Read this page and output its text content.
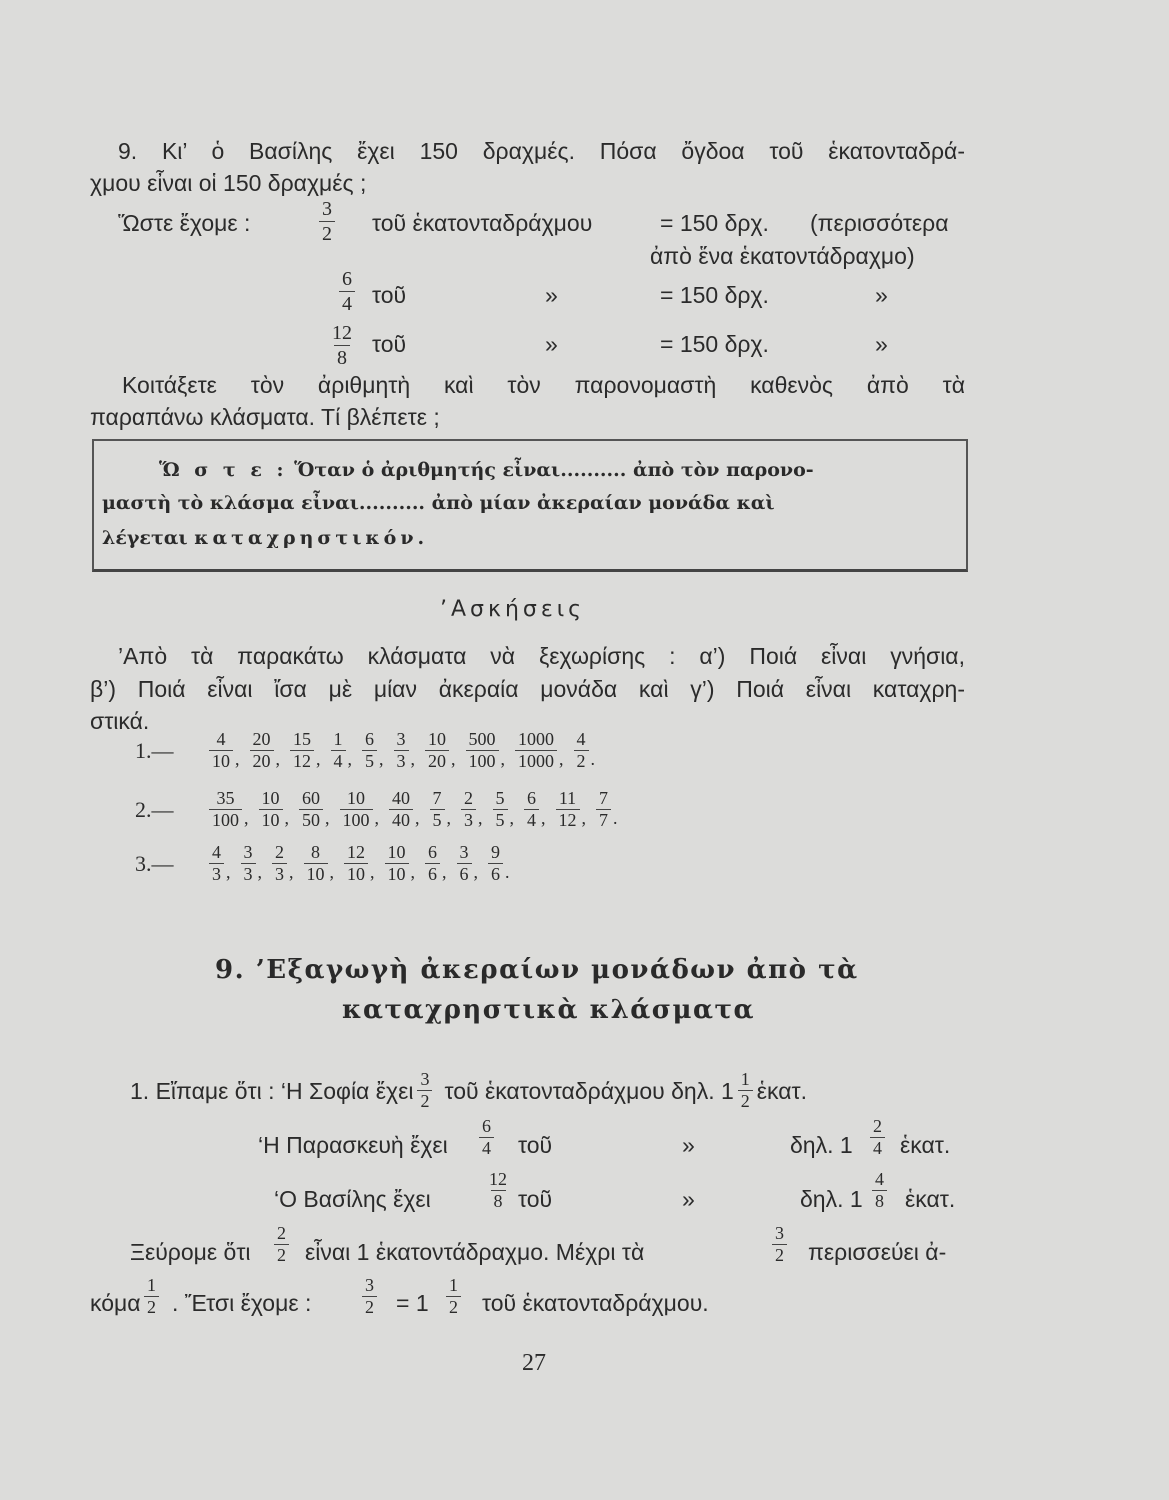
9. Κι’ ὁ Βασίλης ἔχει 150 δραχμές. Πόσα ὄγδοα τοῦ ἑκατονταδρά-
χμου εἶναι οἱ 150 δραχμές ;
Ὥστε ἔχομε :	$\frac{3}{2}$ τοῦ ἑκατονταδράχμου	= 150 δρχ. (περισσότερα
ἀπὸ ἕνα ἑκατοντάδραχμο)
$\frac{6}{4}$ τοῦ	»	= 150 δρχ.	»
$\frac{12}{8}$ τοῦ	»	= 150 δρχ.	»
Κοιτάξετε τὸν ἀριθμητὴ καὶ τὸν παρονομαστὴ καθενὸς ἀπὸ τὰ
παραπάνω κλάσματα. Τί βλέπετε ;
Ὥ σ τ ε : Ὅταν ὁ ἀριθμητής εἶναι.......... ἀπὸ τὸν παρονο-
μαστὴ τὸ κλάσμα εἶναι.......... ἀπὸ μίαν ἀκεραίαν μονάδα καὶ
λέγεται καταχρηστικόν.
’Ασκήσεις
’Απὸ τὰ παρακάτω κλάσματα νὰ ξεχωρίσης : α’) Ποιά εἶναι γνήσια,
β’) Ποιά εἶναι ἴσα μὲ μίαν ἀκεραία μονάδα καὶ γ’) Ποιά εἶναι καταχρη-
στικά.
1.—	$\frac{4}{10}$ , $\frac{20}{20}$ , $\frac{15}{12}$ , $\frac{1}{4}$ , $\frac{6}{5}$ , $\frac{3}{3}$ , $\frac{10}{20}$ , $\frac{500}{100}$ , $\frac{1000}{1000}$ , $\frac{4}{2}$ .
2.—	$\frac{35}{100}$ , $\frac{10}{10}$ , $\frac{60}{50}$ , $\frac{10}{100}$ , $\frac{40}{40}$ , $\frac{7}{5}$ , $\frac{2}{3}$ , $\frac{5}{5}$ , $\frac{6}{4}$ , $\frac{11}{12}$ , $\frac{7}{7}$ .
3.—	$\frac{4}{3}$ , $\frac{3}{3}$ , $\frac{2}{3}$ , $\frac{8}{10}$ , $\frac{12}{10}$ , $\frac{10}{10}$ , $\frac{6}{6}$ , $\frac{3}{6}$ , $\frac{9}{6}$ .
9. ’Εξαγωγὴ ἀκεραίων μονάδων ἀπὸ τὰ
καταχρηστικὰ κλάσματα
1. Εἴπαμε ὅτι : ‘Η Σοφία ἔχει $\frac{3}{2}$ τοῦ ἑκατονταδράχμου δηλ. $1 \frac{1}{2}$ ἑκατ.
‘Η Παρασκευὴ ἔχει $\frac{6}{4}$ τοῦ	»	δηλ. $1 \frac{2}{4}$ ἑκατ.
‘Ο Βασίλης ἔχει	$\frac{12}{8}$ τοῦ	»	δηλ. $1 \frac{4}{8}$ ἑκατ.
Ξεύρομε ὅτι $\frac{2}{2}$ εἶναι 1 ἑκατοντάδραχμο. Μέχρι τὰ	$\frac{3}{2}$ περισσεύει ἀ-
κόμα $\frac{1}{2}$ . Ἔτσι ἔχομε :	$\frac{3}{2} = 1 \frac{1}{2}$ τοῦ ἑκατονταδράχμου.
27
